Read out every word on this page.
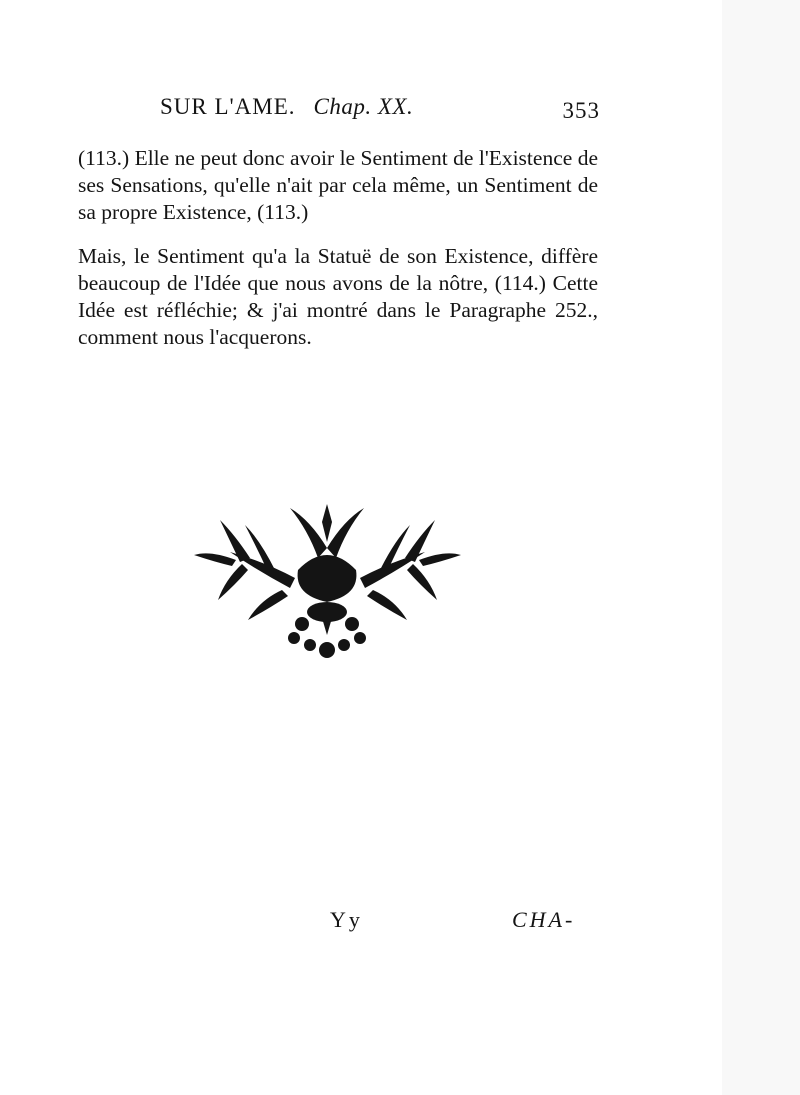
SUR L'AME. Chap. XX.	353

(113.) Elle ne peut donc avoir le Sentiment de l'Existence de ses Sensations, qu'elle n'ait par cela même, un Sentiment de sa propre Existence, (113.)

Mais, le Sentiment qu'a la Statuë de son Existence, diffère beaucoup de l'Idée que nous avons de la nôtre, (114.) Cette Idée est réfléchie; & j'ai montré dans le Paragraphe 252., comment nous l'acquerons.

Yy	CHA-
